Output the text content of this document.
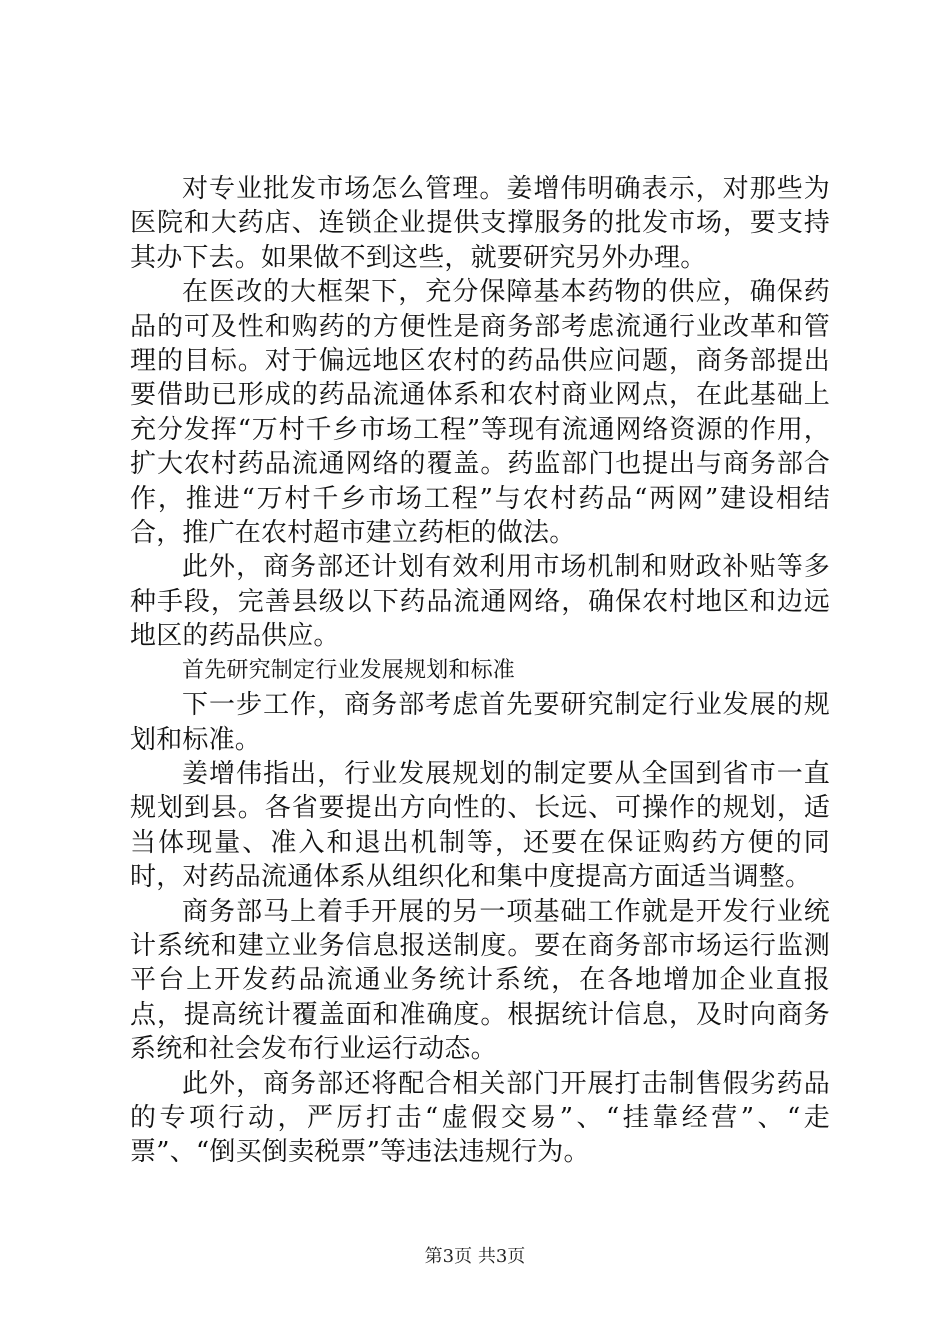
对专业批发市场怎么管理。姜增伟明确表示，对那些为医院和大药店、连锁企业提供支撑服务的批发市场，要支持其办下去。如果做不到这些，就要研究另外办理。

在医改的大框架下，充分保障基本药物的供应，确保药品的可及性和购药的方便性是商务部考虑流通行业改革和管理的目标。对于偏远地区农村的药品供应问题，商务部提出要借助已形成的药品流通体系和农村商业网点，在此基础上充分发挥“万村千乡市场工程”等现有流通网络资源的作用，扩大农村药品流通网络的覆盖。药监部门也提出与商务部合作，推进“万村千乡市场工程”与农村药品“两网”建设相结合，推广在农村超市建立药柜的做法。

此外，商务部还计划有效利用市场机制和财政补贴等多种手段，完善县级以下药品流通网络，确保农村地区和边远地区的药品供应。

首先研究制定行业发展规划和标准

下一步工作，商务部考虑首先要研究制定行业发展的规划和标准。

姜增伟指出，行业发展规划的制定要从全国到省市一直规划到县。各省要提出方向性的、长远、可操作的规划，适当体现量、准入和退出机制等，还要在保证购药方便的同时，对药品流通体系从组织化和集中度提高方面适当调整。

商务部马上着手开展的另一项基础工作就是开发行业统计系统和建立业务信息报送制度。要在商务部市场运行监测平台上开发药品流通业务统计系统，在各地增加企业直报点，提高统计覆盖面和准确度。根据统计信息，及时向商务系统和社会发布行业运行动态。

此外，商务部还将配合相关部门开展打击制售假劣药品的专项行动，严厉打击“虚假交易”、“挂靠经营”、“走票”、“倒买倒卖税票”等违法违规行为。

第3页 共3页
